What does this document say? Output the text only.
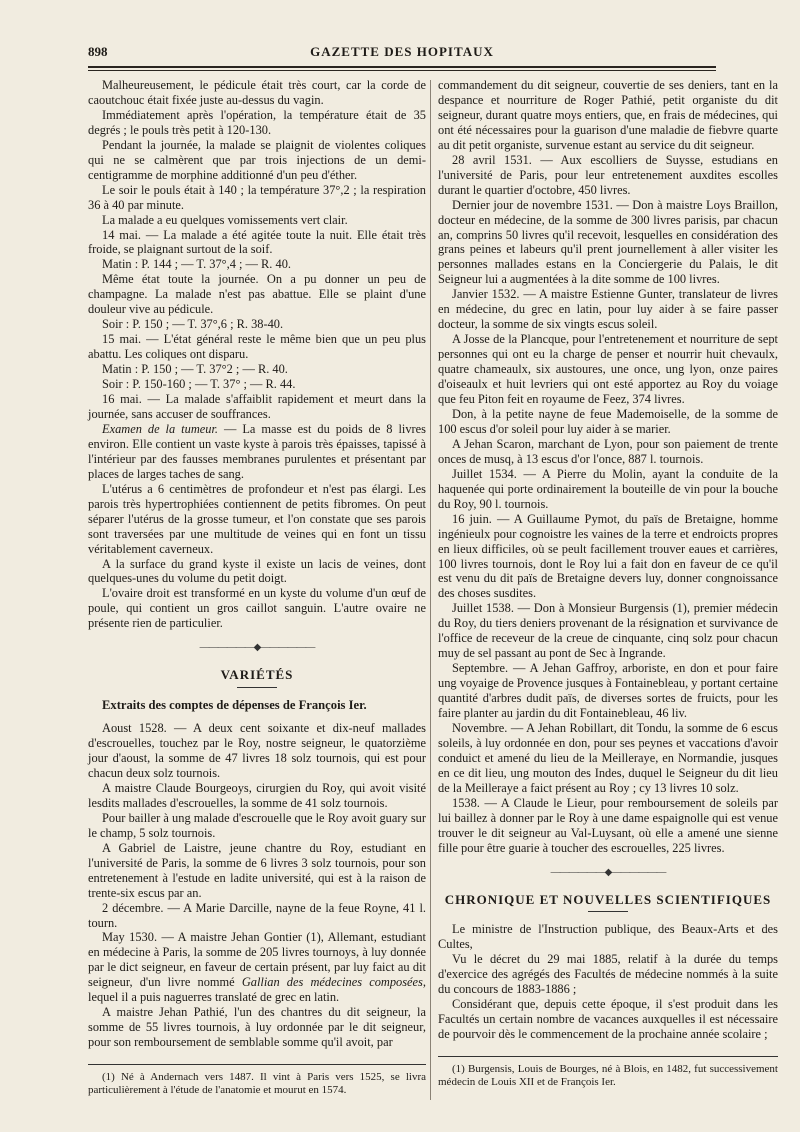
898	GAZETTE DES HOPITAUX

Malheureusement, le pédicule était très court, car la corde de caoutchouc était fixée juste au-dessus du vagin.

Immédiatement après l'opération, la température était de 35 degrés ; le pouls très petit à 120-130.

Pendant la journée, la malade se plaignit de violentes coliques qui ne se calmèrent que par trois injections de un demi-centigramme de morphine additionné d'un peu d'éther.

Le soir le pouls était à 140 ; la température 37°,2 ; la respiration 36 à 40 par minute.

La malade a eu quelques vomissements vert clair.

14 mai. — La malade a été agitée toute la nuit. Elle était très froide, se plaignant surtout de la soif.

Matin : P. 144 ; — T. 37°,4 ; — R. 40.

Même état toute la journée. On a pu donner un peu de champagne. La malade n'est pas abattue. Elle se plaint d'une douleur vive au pédicule.

Soir : P. 150 ; — T. 37°,6 ; R. 38-40.

15 mai. — L'état général reste le même bien que un peu plus abattu. Les coliques ont disparu.

Matin : P. 150 ; — T. 37°2 ; — R. 40.

Soir : P. 150-160 ; — T. 37° ; — R. 44.

16 mai. — La malade s'affaiblit rapidement et meurt dans la journée, sans accuser de souffrances.

Examen de la tumeur. — La masse est du poids de 8 livres environ. Elle contient un vaste kyste à parois très épaisses, tapissé à l'intérieur par des fausses membranes purulentes et présentant par places de larges taches de sang.

L'utérus a 6 centimètres de profondeur et n'est pas élargi. Les parois très hypertrophiées contiennent de petits fibromes. On peut séparer l'utérus de la grosse tumeur, et l'on constate que ses parois sont traversées par une multitude de veines qui en font un tissu véritablement caverneux.

A la surface du grand kyste il existe un lacis de veines, dont quelques-unes du volume du petit doigt.

L'ovaire droit est transformé en un kyste du volume d'un œuf de poule, qui contient un gros caillot sanguin. L'autre ovaire ne présente rien de particulier.

——————◆——————
VARIÉTÉS
Extraits des comptes de dépenses de François Ier.

Aoust 1528. — A deux cent soixante et dix-neuf mallades d'escrouelles, touchez par le Roy, nostre seigneur, le quatorzième jour d'aoust, la somme de 47 livres 18 solz tournois, qui est pour chacun deux solz tournois.

A maistre Claude Bourgeoys, cirurgien du Roy, qui avoit visité lesdits mallades d'escrouelles, la somme de 41 solz tournois.

Pour bailler à ung malade d'escrouelle que le Roy avoit guary sur le champ, 5 solz tournois.

A Gabriel de Laistre, jeune chantre du Roy, estudiant en l'université de Paris, la somme de 6 livres 3 solz tournois, pour son entretenement à l'estude en ladite université, qui est à la raison de trente-six escus par an.

2 décembre. — A Marie Darcille, nayne de la feue Royne, 41 l. tourn.

May 1530. — A maistre Jehan Gontier (1), Allemant, estudiant en médecine à Paris, la somme de 205 livres tournoys, à luy donnée par le dict seigneur, en faveur de certain présent, par luy faict au dit seigneur, d'un livre nommé Gallian des médecines composées, lequel il a puis naguerres translaté de grec en latin.

A maistre Jehan Pathié, l'un des chantres du dit seigneur, la somme de 55 livres tournois, à luy ordonnée par le dit seigneur, pour son remboursement de semblable somme qu'il avoit, par

(1) Né à Andernach vers 1487. Il vint à Paris vers 1525, se livra particulièrement à l'étude de l'anatomie et mourut en 1574.

commandement du dit seigneur, couvertie de ses deniers, tant en la despance et nourriture de Roger Pathié, petit organiste du dit seigneur, durant quatre moys entiers, que, en frais de médecines, qui ont été nécessaires pour la guarison d'une maladie de fiebvre quarte au dit petit organiste, survenue estant au service du dit seigneur.

28 avril 1531. — Aux escolliers de Suysse, estudians en l'université de Paris, pour leur entretenement auxdites escolles durant le quartier d'octobre, 450 livres.

Dernier jour de novembre 1531. — Don à maistre Loys Braillon, docteur en médecine, de la somme de 300 livres parisis, par chacun an, comprins 50 livres qu'il recevoit, lesquelles en considération des grans peines et labeurs qu'il prent journellement à aller visiter les personnes mallades estans en la Conciergerie du Palais, le dit Seigneur lui a augmentées à la dite somme de 100 livres.

Janvier 1532. — A maistre Estienne Gunter, translateur de livres en médecine, du grec en latin, pour luy aider à se faire passer docteur, la somme de six vingts escus soleil.

A Josse de la Plancque, pour l'entretenement et nourriture de sept personnes qui ont eu la charge de penser et nourrir huit chevaulx, quatre chameaulx, six austoures, une once, ung lyon, onze paires d'oiseaulx et huit levriers qui ont esté apportez au Roy du voiage que feu Piton feit en royaume de Feez, 374 livres.

Don, à la petite nayne de feue Mademoiselle, de la somme de 100 escus d'or soleil pour luy aider à se marier.

A Jehan Scaron, marchant de Lyon, pour son paiement de trente onces de musq, à 13 escus d'or l'once, 887 l. tournois.

Juillet 1534. — A Pierre du Molin, ayant la conduite de la haquenée qui porte ordinairement la bouteille de vin pour la bouche du Roy, 90 l. tournois.

16 juin. — A Guillaume Pymot, du païs de Bretaigne, homme ingénieulx pour cognoistre les vaines de la terre et endroicts propres en lieux difficiles, où se peult facillement trouver eaues et carrières, 100 livres tournois, dont le Roy lui a fait don en faveur de ce qu'il est venu du dit païs de Bretaigne devers luy, donner congnoissance des choses susdites.

Juillet 1538. — Don à Monsieur Burgensis (1), premier médecin du Roy, du tiers deniers provenant de la résignation et survivance de l'office de receveur de la creue de cinquante, cinq solz pour chacun muy de sel passant au pont de Sec à Ingrande.

Septembre. — A Jehan Gaffroy, arboriste, en don et pour faire ung voyaige de Provence jusques à Fontainebleau, y portant certaine quantité d'arbres dudit païs, de diverses sortes de fruicts, pour les faire planter au jardin du dit Fontainebleau, 46 liv.

Novembre. — A Jehan Robillart, dit Tondu, la somme de 6 escus soleils, à luy ordonnée en don, pour ses peynes et vaccations d'avoir conduict et amené du lieu de la Meilleraye, en Normandie, jusques en ce dit lieu, ung mouton des Indes, duquel le Seigneur du dit lieu de la Meilleraye a faict présent au Roy ; cy 13 livres 10 solz.

1538. — A Claude le Lieur, pour remboursement de soleils par lui baillez à donner par le Roy à une dame espaignolle qui est venue trouver le dit seigneur au Val-Luysant, où elle a amené une sienne fille pour être guarie à toucher des escrouelles, 225 livres.

——————◆——————
CHRONIQUE ET NOUVELLES SCIENTIFIQUES

Le ministre de l'Instruction publique, des Beaux-Arts et des Cultes,

Vu le décret du 29 mai 1885, relatif à la durée du temps d'exercice des agrégés des Facultés de médecine nommés à la suite du concours de 1883-1886 ;

Considérant que, depuis cette époque, il s'est produit dans les Facultés un certain nombre de vacances auxquelles il est nécessaire de pourvoir dès le commencement de la prochaine année scolaire ;

(1) Burgensis, Louis de Bourges, né à Blois, en 1482, fut successivement médecin de Louis XII et de François Ier.
